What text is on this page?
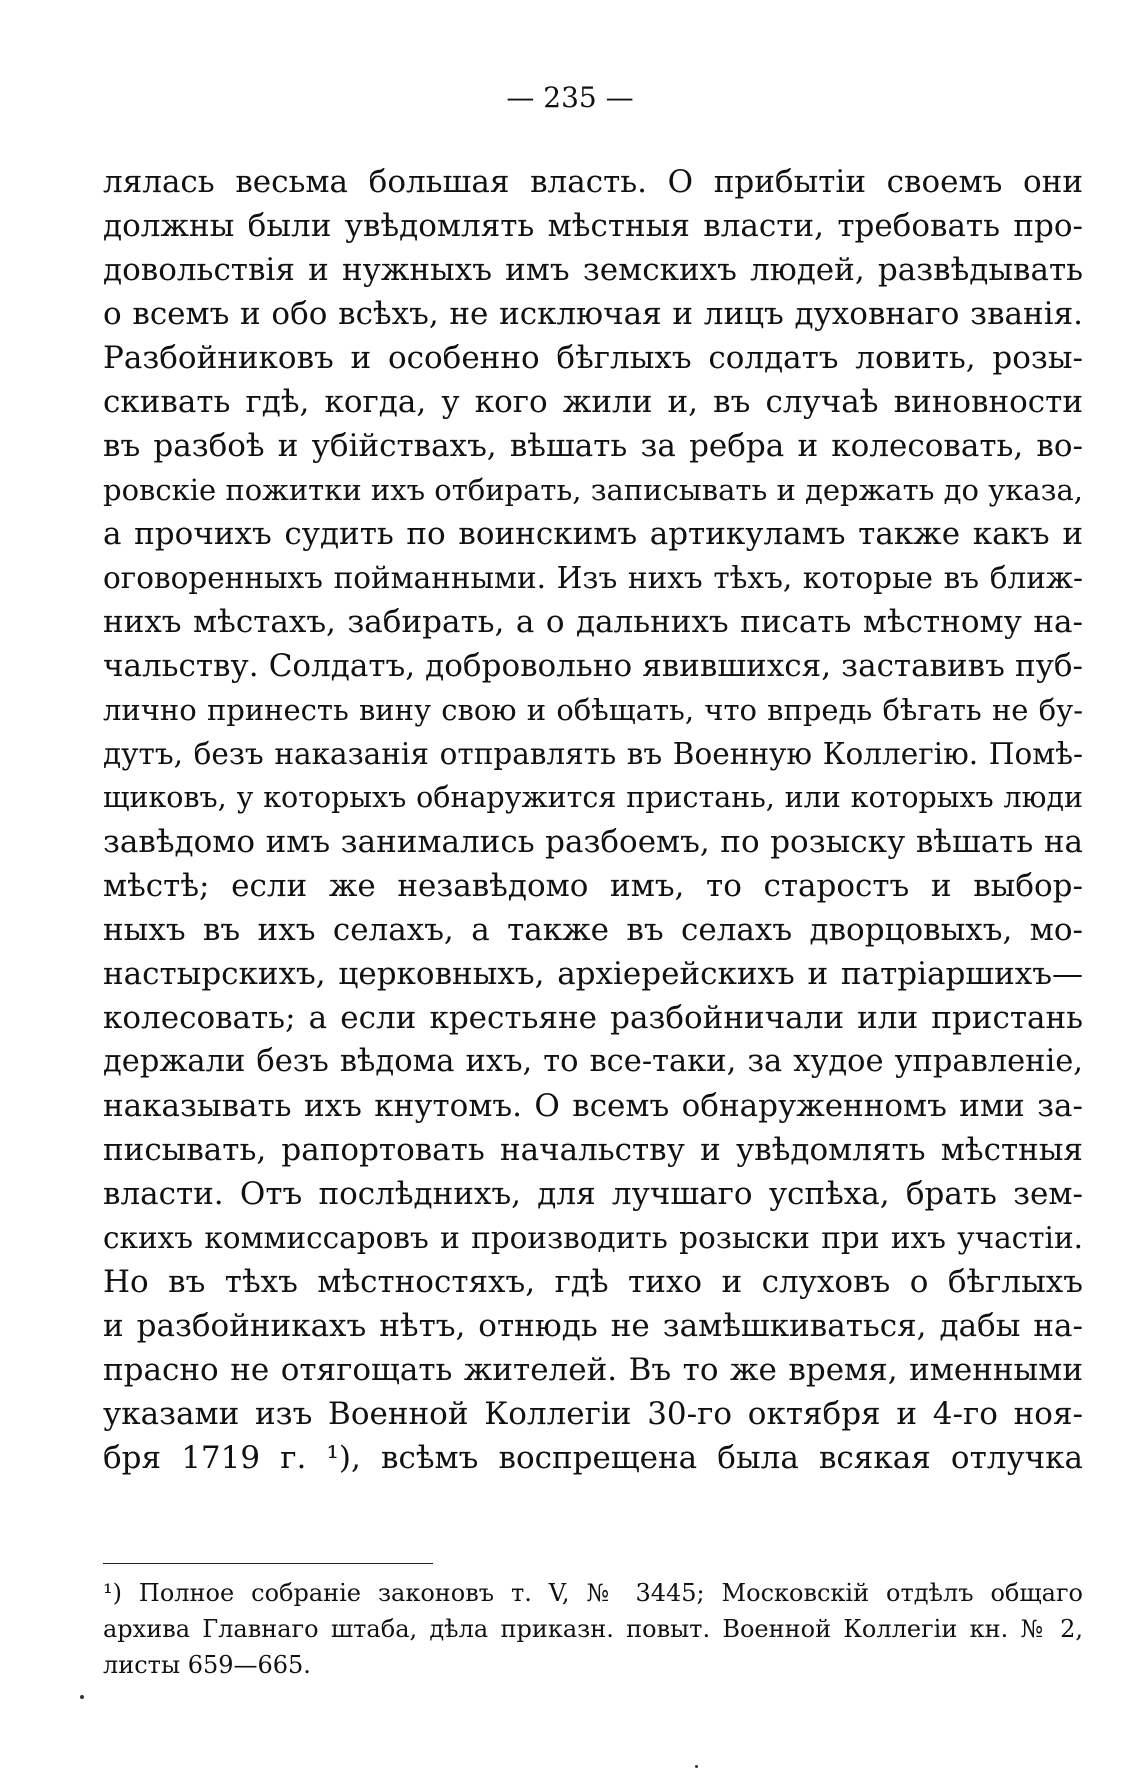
— 235 —
лялась весьма большая власть. О прибытіи своемъ они
должны были увѣдомлять мѣстныя власти, требовать про-
довольствія и нужныхъ имъ земскихъ людей, развѣдывать
о всемъ и обо всѣхъ, не исключая и лицъ духовнаго званія.
Разбойниковъ и особенно бѣглыхъ солдатъ ловить, розы-
скивать гдѣ, когда, у кого жили и, въ случаѣ виновности
въ разбоѣ и убійствахъ, вѣшать за ребра и колесовать, во-
ровскіе пожитки ихъ отбирать, записывать и держать до указа,
а прочихъ судить по воинскимъ артикуламъ также какъ и
оговоренныхъ пойманными. Изъ нихъ тѣхъ, которые въ ближ-
нихъ мѣстахъ, забирать, а о дальнихъ писать мѣстному на-
чальству. Солдатъ, добровольно явившихся, заставивъ пуб-
лично принесть вину свою и обѣщать, что впредь бѣгать не бу-
дутъ, безъ наказанія отправлять въ Военную Коллегію. Помѣ-
щиковъ, у которыхъ обнаружится пристань, или которыхъ люди
завѣдомо имъ занимались разбоемъ, по розыску вѣшать на
мѣстѣ; если же незавѣдомо имъ, то старостъ и выбор-
ныхъ въ ихъ селахъ, а также въ селахъ дворцовыхъ, мо-
настырскихъ, церковныхъ, архіерейскихъ и патріаршихъ—
колесовать; а если крестьяне разбойничали или пристань
держали безъ вѣдома ихъ, то все-таки, за худое управленіе,
наказывать ихъ кнутомъ. О всемъ обнаруженномъ ими за-
писывать, рапортовать начальству и увѣдомлять мѣстныя
власти. Отъ послѣднихъ, для лучшаго успѣха, брать зем-
скихъ коммиссаровъ и производить розыски при ихъ участіи.
Но въ тѣхъ мѣстностяхъ, гдѣ тихо и слуховъ о бѣглыхъ
и разбойникахъ нѣтъ, отнюдь не замѣшкиваться, дабы на-
прасно не отягощать жителей. Въ то же время, именными
указами изъ Военной Коллегіи 30-го октября и 4-го ноя-
бря 1719 г. ¹), всѣмъ воспрещена была всякая отлучка
¹) Полное собраніе законовъ т. V, № 3445; Московскій отдѣлъ общаго
архива Главнаго штаба, дѣла приказн. повыт. Военной Коллегіи кн. № 2,
листы 659—665.
